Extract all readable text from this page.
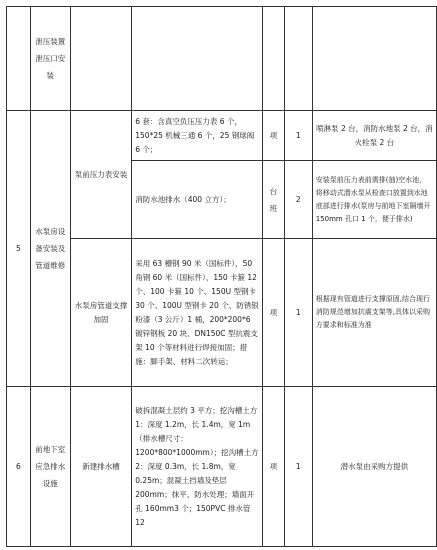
	泄压装置泄压口安装					
5	水泵房设备安装及管道维修	泵前压力表安装	6 套：含真空负压压力表 6 个，150*25 机械三通 6 个，25 钢球阀 6 个；	项	1	喷淋泵 2 台，消防水地泵 2 台，消火栓泵 2 台
			消防水池排水（400 立方）；	台班	2	安装泵前压力表前需排(抽)空水池，将移动式潜水泵从检查口放置到水池底部进行排水(泵房与前地下室隔墙开 150mm 孔口 1 个，便于排水)
		水泵房管道支撑加固	采用 63 槽钢 90 米（国标件），50 角钢 60 米（国标件）、150 卡箍 12 个、100 卡箍 10 个、150U 型钢卡 30 个、100U 型钢卡 20 个、防锈银粉漆（3 公斤）1 桶，200*200*6 镀锌钢板 20 块、DN150C 型抗震支架 10 个等材料进行焊接加固；措施：脚手架、材料二次转运；	项	1	根据现有管道进行支撑原固,结合现行消防规范增加抗震支架等,具体以采购方要求和标准为准
6	前地下室应急排水设施	新建排水槽	破拆混凝土层约 3 平方；挖沟槽土方 1：深度 1.2m，长 1.4m，宽 1m（排水槽尺寸：1200*800*1000mm）；挖沟槽土方 2：深度 0.3m，长 1.8m，宽 0.25m；混凝土挡墙及垫层 200mm；抹平、防水处理；墙面开孔 160mm3 个；150PVC 排水管 12	项	1	潜水泵由采购方提供
